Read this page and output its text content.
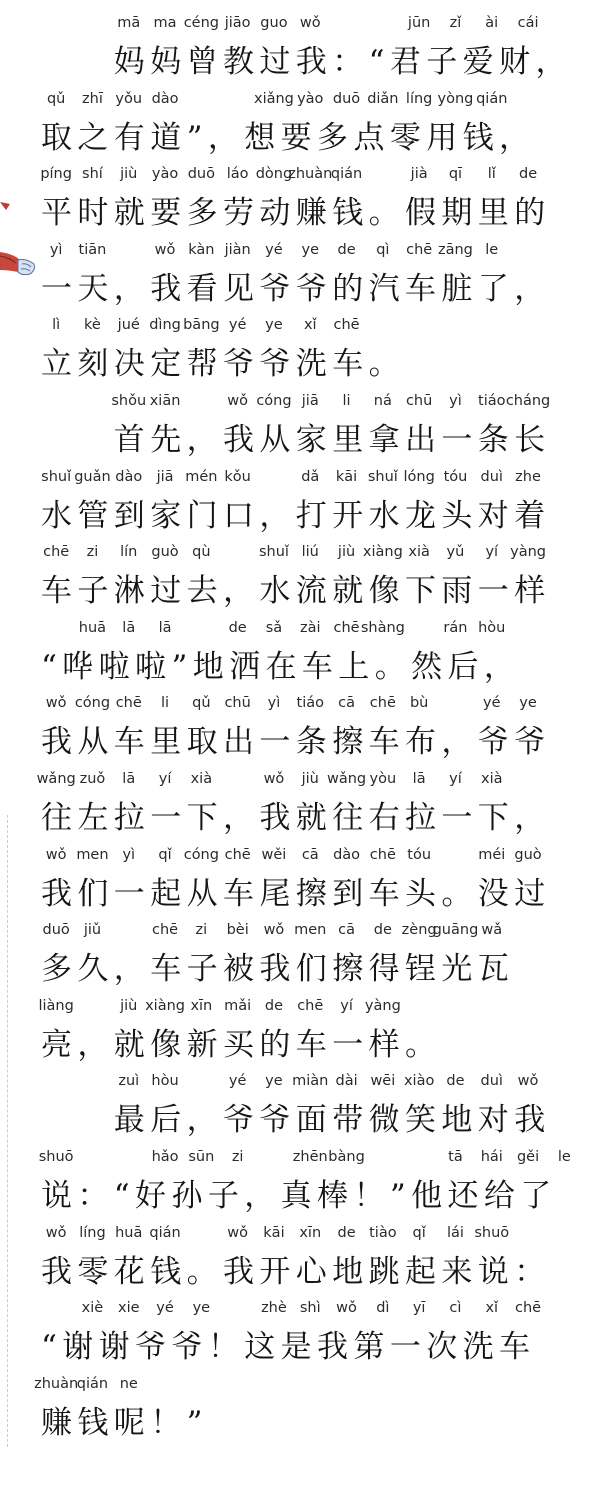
　　妈妈曾教过我：“君子爱财，
mā ma céng jiāo guo wǒ	jūn zǐ ài cái
取之有道”，想要多点零用钱，
qǔ zhī yǒu dào	xiǎng yào duō diǎn líng yòng qián
平时就要多劳动赚钱。假期里的
píng shí jiù yào duō láo dòng
zhuàn
qián	jià qī lǐ de
一天，我看见爷爷的汽车脏了，
yì tiān	wǒ kàn jiàn yé ye de qì chē zāng le
立刻决定帮爷爷洗车。
lì kè jué dìng bāng yé ye xǐ chē
　　首先，我从家里拿出一条长
shǒu xiān	wǒ cóng jiā li ná chū yì tiáo cháng
水管到家门口，打开水龙头对着
shuǐ guǎn dào jiā mén kǒu	dǎ kāi shuǐ lóng tóu duì zhe
车子淋过去，水流就像下雨一样
chē zi lín guò qù	shuǐ liú jiù xiàng xià yǔ yí yàng
“哗啦啦”地洒在车上。然后，
huā lā lā	de sǎ zài chē shàng	rán hòu
我从车里取出一条擦车布，爷爷
wǒ cóng chē li qǔ chū yì tiáo cā chē bù	yé ye
往左拉一下，我就往右拉一下，
wǎng zuǒ lā yí xià	wǒ jiù wǎng yòu lā yí xià
我们一起从车尾擦到车头。没过
wǒ men yì qǐ cóng chē wěi cā dào chē tóu	méi guò
多久，车子被我们擦得锃光瓦
duō jiǔ	chē zi bèi wǒ men cā de zèng
guāng wǎ
亮，就像新买的车一样。
liàng	jiù xiàng xīn mǎi de chē yí yàng
　　最后，爷爷面带微笑地对我
zuì hòu	yé ye miàn dài wēi xiào de duì wǒ
说：“好孙子，真棒！”他还给了
shuō	hǎo sūn zi	zhēn bàng	tā hái gěi le
我零花钱。我开心地跳起来说：
wǒ líng huā qián	wǒ kāi xīn de tiào qǐ lái shuō
“谢谢爷爷！这是我第一次洗车
xiè xie yé ye	zhè shì wǒ dì yī cì xǐ chē
赚钱呢！”
zhuàn
qián ne
